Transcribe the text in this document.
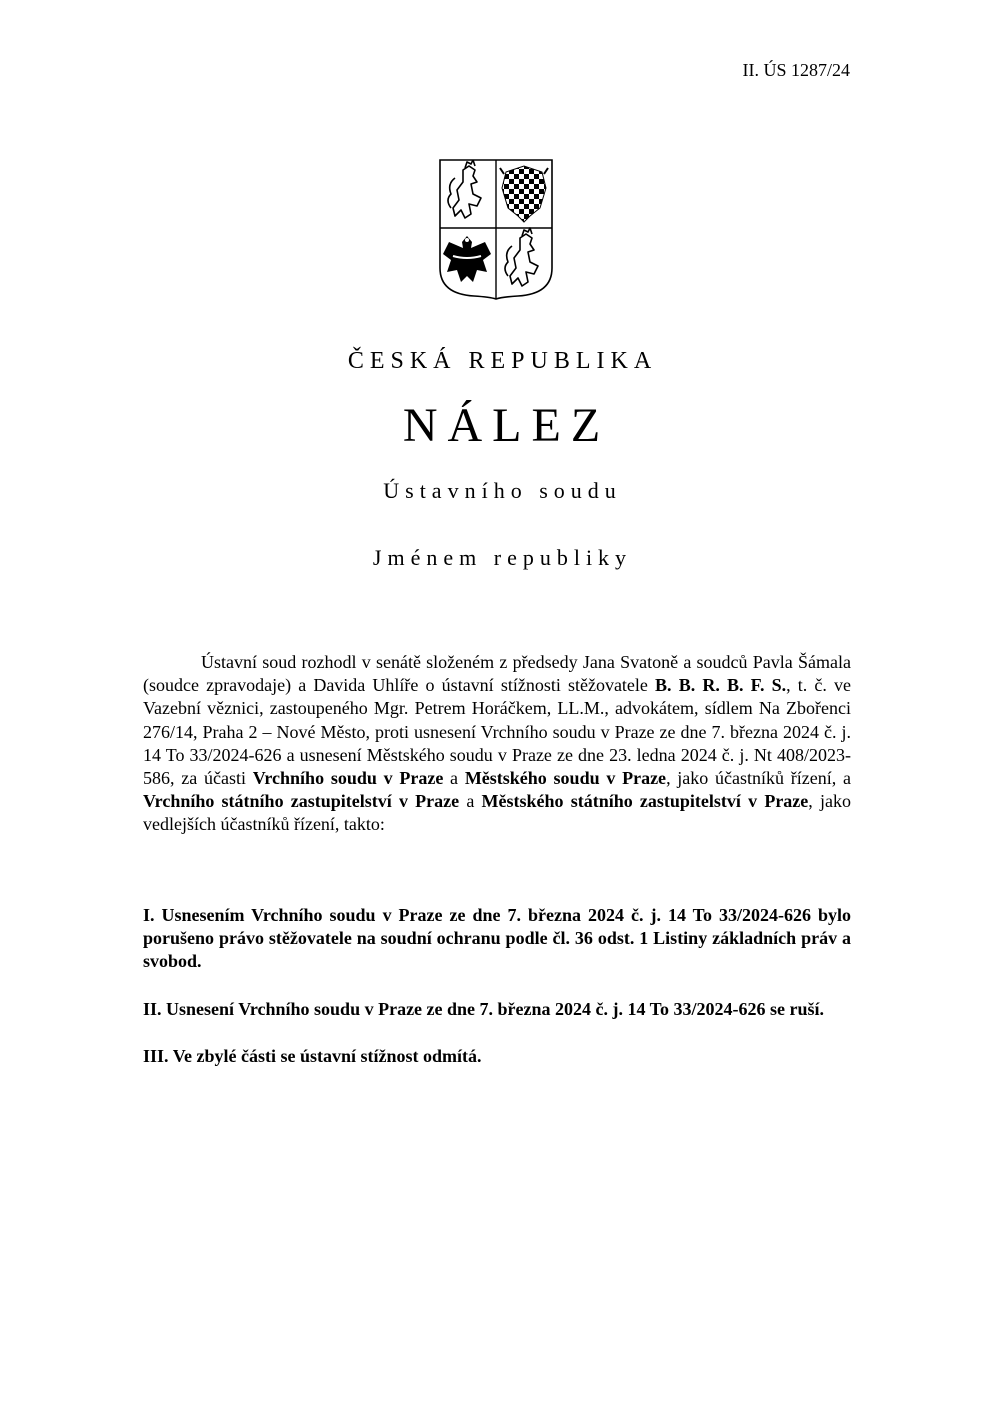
II. ÚS 1287/24

ČESKÁ REPUBLIKA
NÁLEZ
Ústavního soudu
Jménem republiky

Ústavní soud rozhodl v senátě složeném z předsedy Jana Svatoně a soudců Pavla Šámala (soudce zpravodaje) a Davida Uhlíře o ústavní stížnosti stěžovatele B. B. R. B. F. S., t. č. ve Vazební věznici, zastoupeného Mgr. Petrem Horáčkem, LL.M., advokátem, sídlem Na Zbořenci 276/14, Praha 2 – Nové Město, proti usnesení Vrchního soudu v Praze ze dne 7. března 2024 č. j. 14 To 33/2024-626 a usnesení Městského soudu v Praze ze dne 23. ledna 2024 č. j. Nt 408/2023-586, za účasti Vrchního soudu v Praze a Městského soudu v Praze, jako účastníků řízení, a Vrchního státního zastupitelství v Praze a Městského státního zastupitelství v Praze, jako vedlejších účastníků řízení, takto:

I. Usnesením Vrchního soudu v Praze ze dne 7. března 2024 č. j. 14 To 33/2024-626 bylo porušeno právo stěžovatele na soudní ochranu podle čl. 36 odst. 1 Listiny základních práv a svobod.
II. Usnesení Vrchního soudu v Praze ze dne 7. března 2024 č. j. 14 To 33/2024-626 se ruší.
III. Ve zbylé části se ústavní stížnost odmítá.
